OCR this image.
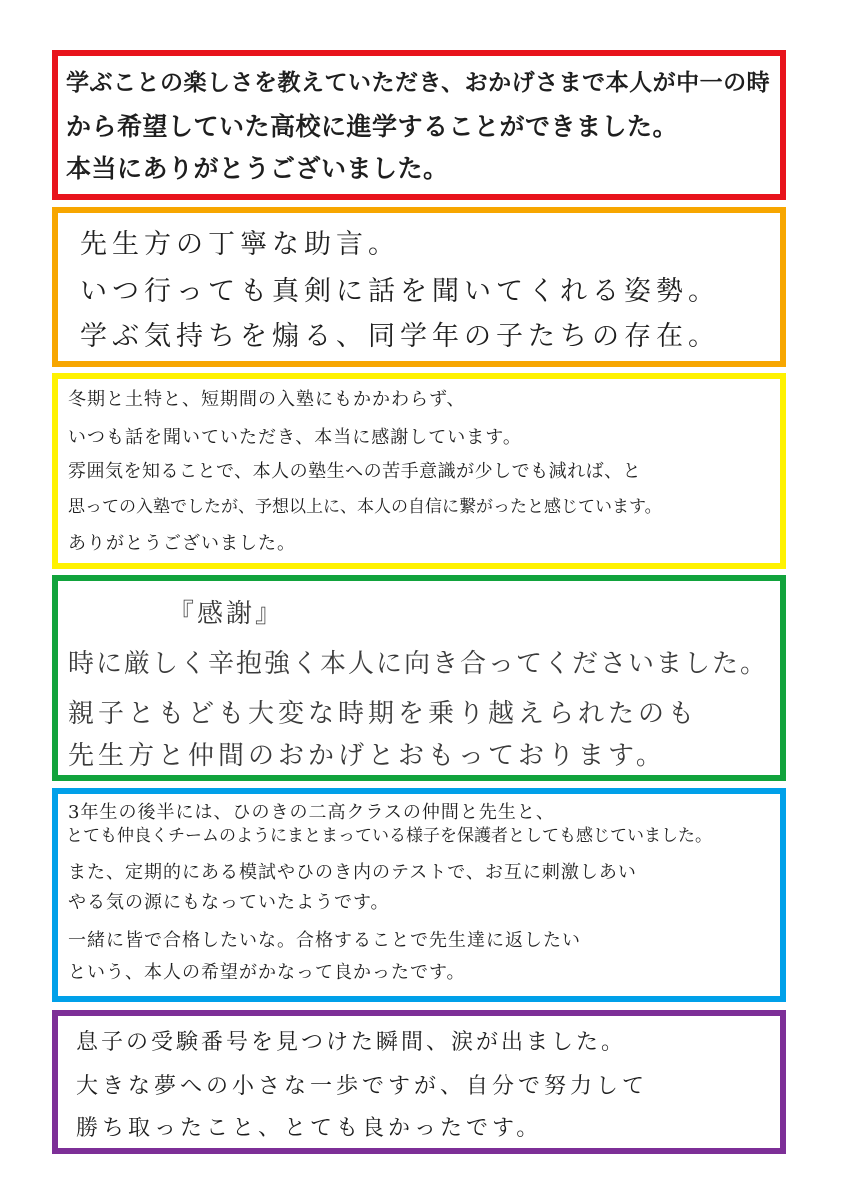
学ぶことの楽しさを教えていただき、おかげさまで本人が中一の時
から希望していた高校に進学することができました。
本当にありがとうございました。
先生方の丁寧な助言。
いつ行っても真剣に話を聞いてくれる姿勢。
学ぶ気持ちを煽る、同学年の子たちの存在。
冬期と土特と、短期間の入塾にもかかわらず、
いつも話を聞いていただき、本当に感謝しています。
雰囲気を知ることで、本人の塾生への苦手意識が少しでも減れば、と
思っての入塾でしたが、予想以上に、本人の自信に繋がったと感じています。
ありがとうございました。
『感謝』
時に厳しく辛抱強く本人に向き合ってくださいました。
親子ともども大変な時期を乗り越えられたのも
先生方と仲間のおかげとおもっております。
3年生の後半には、ひのきの二高クラスの仲間と先生と、
とても仲良くチームのようにまとまっている様子を保護者としても感じていました。
また、定期的にある模試やひのき内のテストで、お互に刺激しあい
やる気の源にもなっていたようです。
一緒に皆で合格したいな。合格することで先生達に返したい
という、本人の希望がかなって良かったです。
息子の受験番号を見つけた瞬間、涙が出ました。
大きな夢への小さな一歩ですが、自分で努力して
勝ち取ったこと、とても良かったです。
